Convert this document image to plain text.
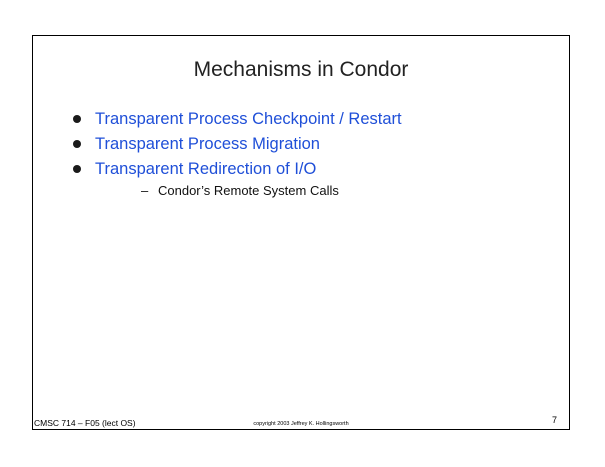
Mechanisms in Condor
Transparent Process Checkpoint / Restart
Transparent Process Migration
Transparent Redirection of I/O
– Condor’s Remote System Calls
CMSC 714 – F05 (lect OS)	copyright 2003 Jeffrey K. Hollingsworth	7
